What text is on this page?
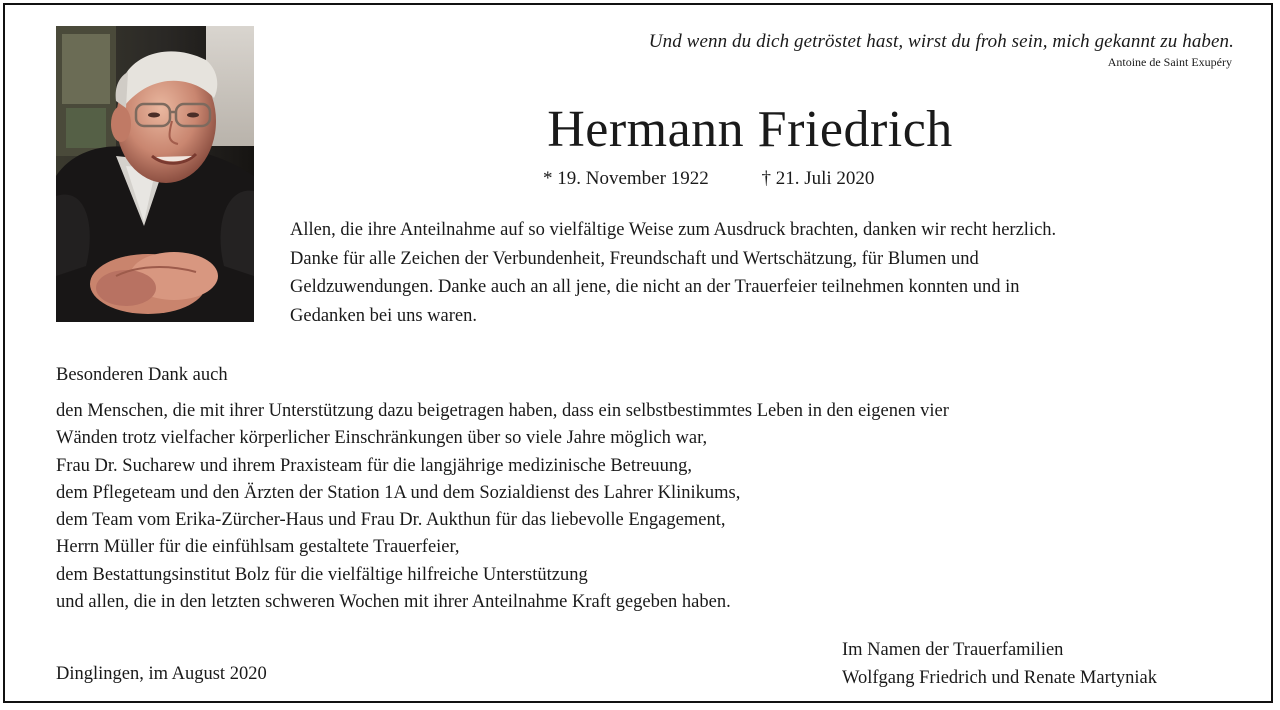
Und wenn du dich getröstet hast, wirst du froh sein, mich gekannt zu haben.
Antoine de Saint Exupéry
Hermann Friedrich
* 19. November 1922	† 21. Juli 2020
Allen, die ihre Anteilnahme auf so vielfältige Weise zum Ausdruck brachten, danken wir recht herzlich.
Danke für alle Zeichen der Verbundenheit, Freundschaft und Wertschätzung, für Blumen und
Geldzuwendungen. Danke auch an all jene, die nicht an der Trauerfeier teilnehmen konnten und in
Gedanken bei uns waren.
Besonderen Dank auch
den Menschen, die mit ihrer Unterstützung dazu beigetragen haben, dass ein selbstbestimmtes Leben in den eigenen vier
Wänden trotz vielfacher körperlicher Einschränkungen über so viele Jahre möglich war,
Frau Dr. Sucharew und ihrem Praxisteam für die langjährige medizinische Betreuung,
dem Pflegeteam und den Ärzten der Station 1A und dem Sozialdienst des Lahrer Klinikums,
dem Team vom Erika-Zürcher-Haus und Frau Dr. Aukthun für das liebevolle Engagement,
Herrn Müller für die einfühlsam gestaltete Trauerfeier,
dem Bestattungsinstitut Bolz für die vielfältige hilfreiche Unterstützung
und allen, die in den letzten schweren Wochen mit ihrer Anteilnahme Kraft gegeben haben.
Im Namen der Trauerfamilien
Wolfgang Friedrich und Renate Martyniak
Dinglingen, im August 2020
